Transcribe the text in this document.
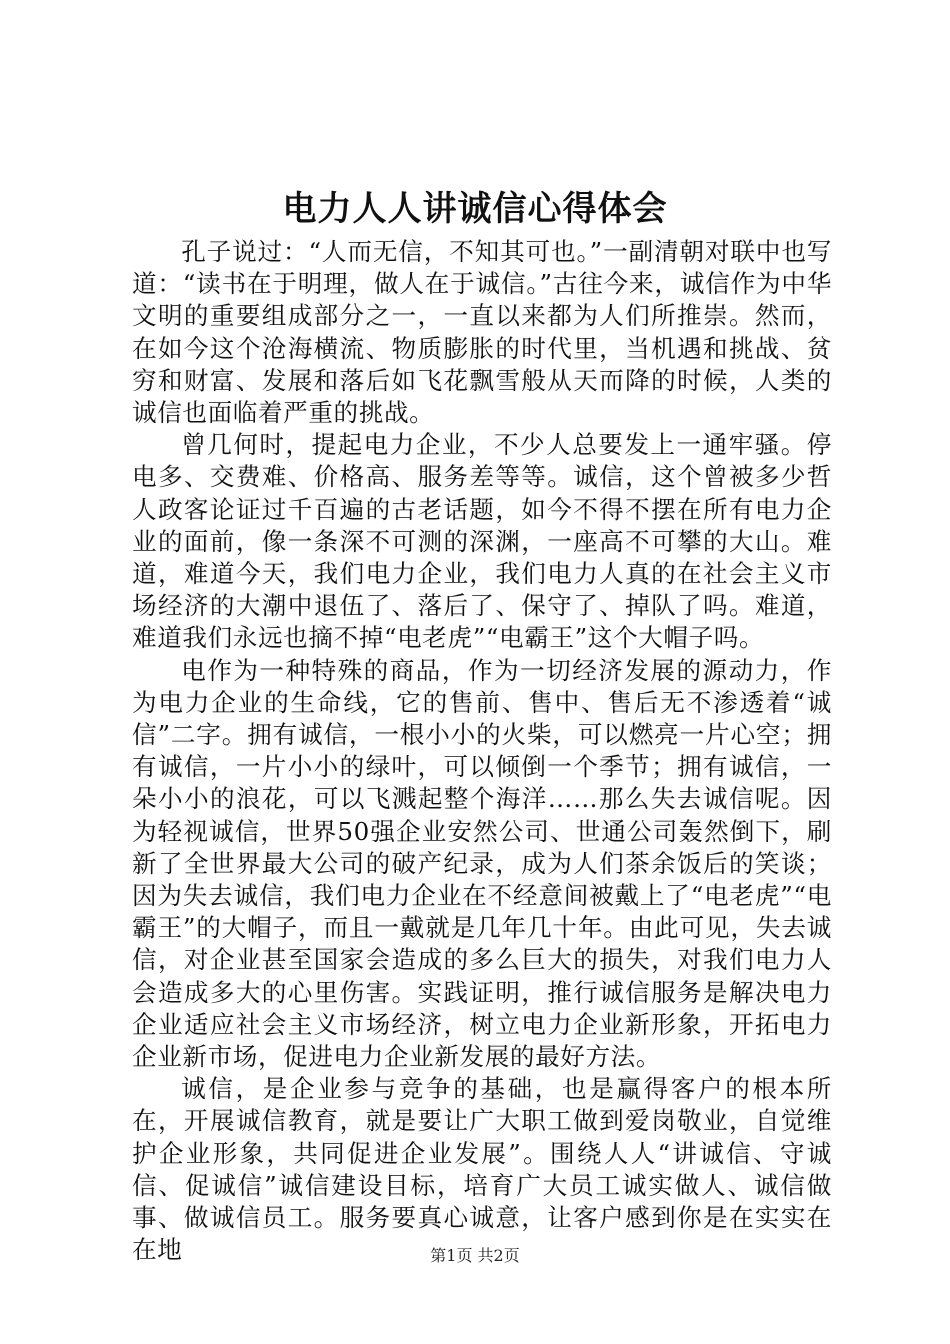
电力人人讲诚信心得体会

孔子说过：“人而无信，不知其可也。”一副清朝对联中也写道：“读书在于明理，做人在于诚信。”古往今来，诚信作为中华文明的重要组成部分之一，一直以来都为人们所推崇。然而，在如今这个沧海横流、物质膨胀的时代里，当机遇和挑战、贫穷和财富、发展和落后如飞花飘雪般从天而降的时候，人类的诚信也面临着严重的挑战。

曾几何时，提起电力企业，不少人总要发上一通牢骚。停电多、交费难、价格高、服务差等等。诚信，这个曾被多少哲人政客论证过千百遍的古老话题，如今不得不摆在所有电力企业的面前，像一条深不可测的深渊，一座高不可攀的大山。难道，难道今天，我们电力企业，我们电力人真的在社会主义市场经济的大潮中退伍了、落后了、保守了、掉队了吗。难道，难道我们永远也摘不掉“电老虎”“电霸王”这个大帽子吗。

电作为一种特殊的商品，作为一切经济发展的源动力，作为电力企业的生命线，它的售前、售中、售后无不渗透着“诚信”二字。拥有诚信，一根小小的火柴，可以燃亮一片心空；拥有诚信，一片小小的绿叶，可以倾倒一个季节；拥有诚信，一朵小小的浪花，可以飞溅起整个海洋……那么失去诚信呢。因为轻视诚信，世界50强企业安然公司、世通公司轰然倒下，刷新了全世界最大公司的破产纪录，成为人们茶余饭后的笑谈；因为失去诚信，我们电力企业在不经意间被戴上了“电老虎”“电霸王”的大帽子，而且一戴就是几年几十年。由此可见，失去诚信，对企业甚至国家会造成的多么巨大的损失，对我们电力人会造成多大的心里伤害。实践证明，推行诚信服务是解决电力企业适应社会主义市场经济，树立电力企业新形象，开拓电力企业新市场，促进电力企业新发展的最好方法。

诚信，是企业参与竞争的基础，也是赢得客户的根本所在，开展诚信教育，就是要让广大职工做到爱岗敬业，自觉维护企业形象，共同促进企业发展”。围绕人人“讲诚信、守诚信、促诚信”诚信建设目标，培育广大员工诚实做人、诚信做事、做诚信员工。服务要真心诚意，让客户感到你是在实实在在地	第1页 共2页
